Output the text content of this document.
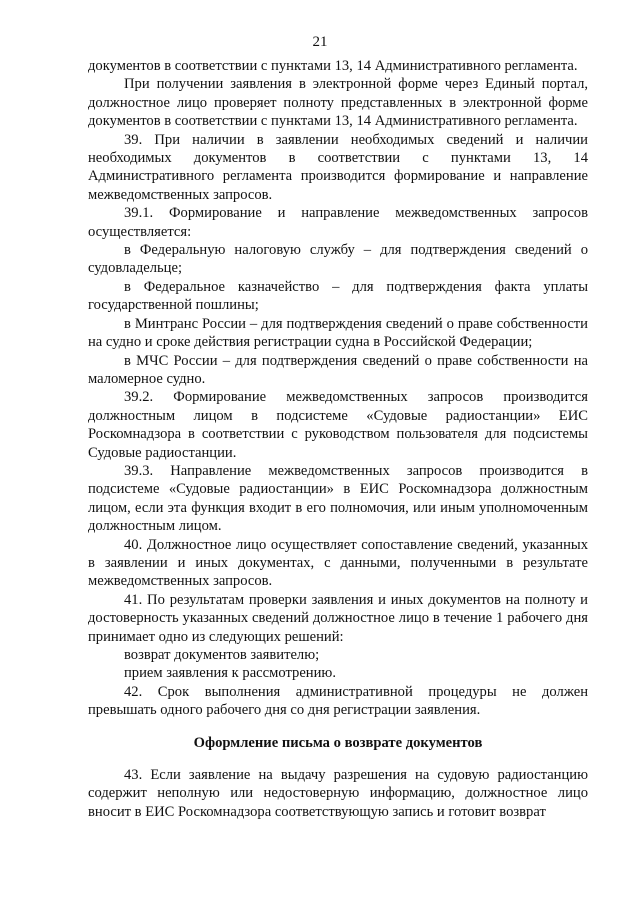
21

документов в соответствии с пунктами 13, 14 Административного регламента.

При получении заявления в электронной форме через Единый портал, должностное лицо проверяет полноту представленных в электронной форме документов в соответствии с пунктами 13, 14 Административного регламента.

39. При наличии в заявлении необходимых сведений и наличии необходимых документов в соответствии с пунктами 13, 14 Административного регламента производится формирование и направление межведомственных запросов.

39.1. Формирование и направление межведомственных запросов осуществляется:

в Федеральную налоговую службу – для подтверждения сведений о судовладельце;

в Федеральное казначейство – для подтверждения факта уплаты государственной пошлины;

в Минтранс России – для подтверждения сведений о праве собственности на судно и сроке действия регистрации судна в Российской Федерации;

в МЧС России – для подтверждения сведений о праве собственности на маломерное судно.

39.2. Формирование межведомственных запросов производится должностным лицом в подсистеме «Судовые радиостанции» ЕИС Роскомнадзора в соответствии с руководством пользователя для подсистемы Судовые радиостанции.

39.3. Направление межведомственных запросов производится в подсистеме «Судовые радиостанции» в ЕИС Роскомнадзора должностным лицом, если эта функция входит в его полномочия, или иным уполномоченным должностным лицом.

40. Должностное лицо осуществляет сопоставление сведений, указанных в заявлении и иных документах, с данными, полученными в результате межведомственных запросов.

41. По результатам проверки заявления и иных документов на полноту и достоверность указанных сведений должностное лицо в течение 1 рабочего дня принимает одно из следующих решений:

возврат документов заявителю;

прием заявления к рассмотрению.

42. Срок выполнения административной процедуры не должен превышать одного рабочего дня со дня регистрации заявления.

Оформление письма о возврате документов

43. Если заявление на выдачу разрешения на судовую радиостанцию содержит неполную или недостоверную информацию, должностное лицо вносит в ЕИС Роскомнадзора соответствующую запись и готовит возврат
